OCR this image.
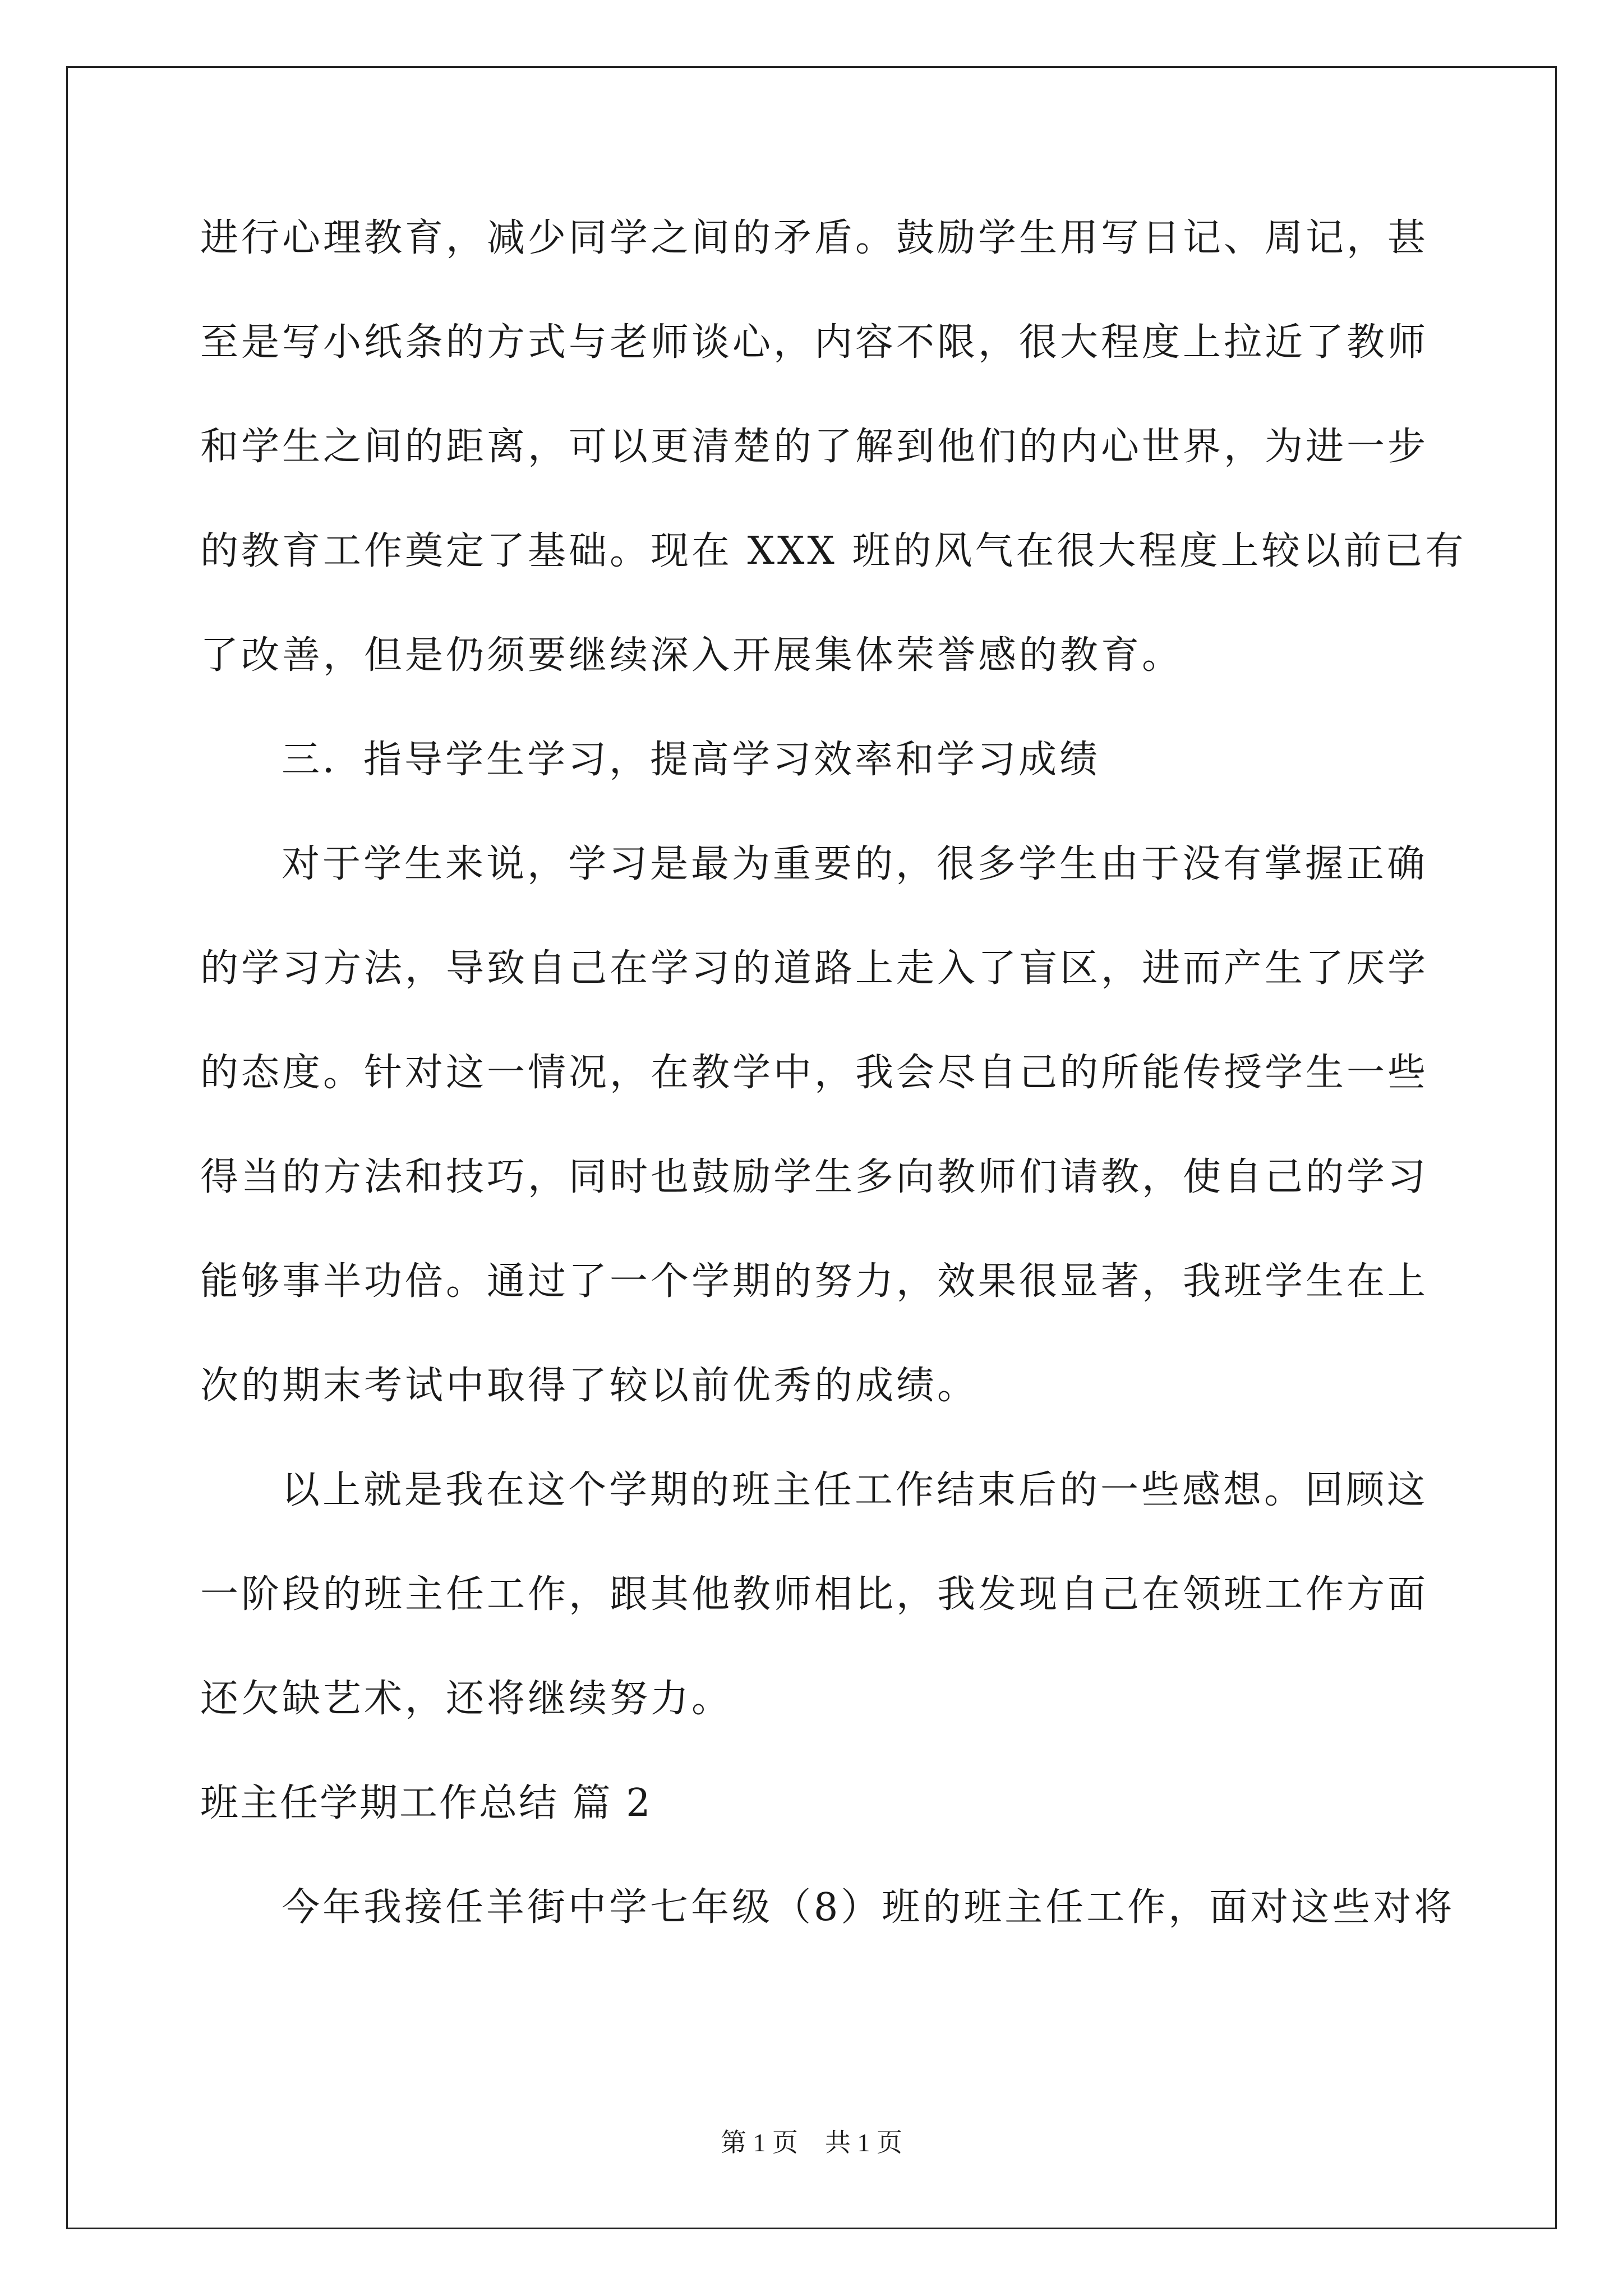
进行心理教育，减少同学之间的矛盾。鼓励学生用写日记、周记，甚
至是写小纸条的方式与老师谈心，内容不限，很大程度上拉近了教师
和学生之间的距离，可以更清楚的了解到他们的内心世界，为进一步
的教育工作奠定了基础。现在 XXX 班的风气在很大程度上较以前已有
了改善，但是仍须要继续深入开展集体荣誉感的教育。
三．指导学生学习，提高学习效率和学习成绩
对于学生来说，学习是最为重要的，很多学生由于没有掌握正确
的学习方法，导致自己在学习的道路上走入了盲区，进而产生了厌学
的态度。针对这一情况，在教学中，我会尽自己的所能传授学生一些
得当的方法和技巧，同时也鼓励学生多向教师们请教，使自己的学习
能够事半功倍。通过了一个学期的努力，效果很显著，我班学生在上
次的期末考试中取得了较以前优秀的成绩。
以上就是我在这个学期的班主任工作结束后的一些感想。回顾这
一阶段的班主任工作，跟其他教师相比，我发现自己在领班工作方面
还欠缺艺术，还将继续努力。
班主任学期工作总结 篇 2
今年我接任羊街中学七年级（8）班的班主任工作，面对这些对将
第 1 页 共 1 页
